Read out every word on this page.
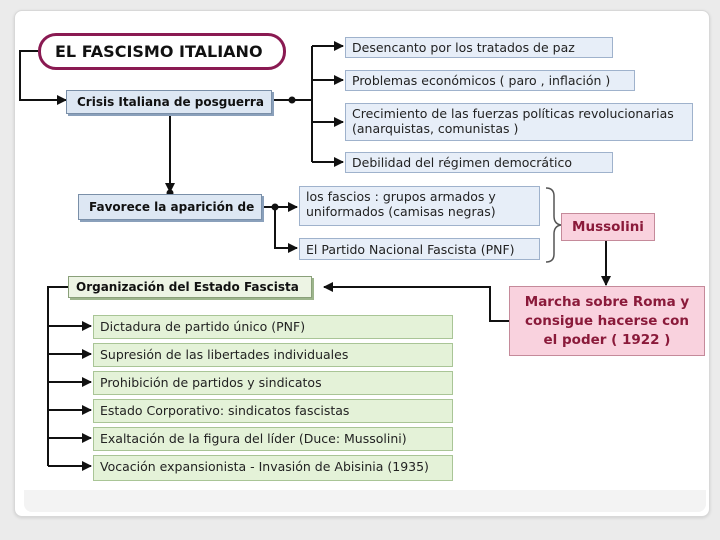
EL FASCISMO ITALIANO
Crisis Italiana de posguerra
Desencanto por los tratados de paz
Problemas económicos ( paro , inflación )
Crecimiento de las fuerzas políticas revolucionarias
(anarquistas, comunistas )
Debilidad del régimen democrático
Favorece la aparición de
los fascios : grupos armados y
uniformados (camisas negras)
El Partido Nacional Fascista (PNF)
Mussolini
Marcha sobre Roma y
consigue hacerse con
el poder ( 1922 )
Organización del Estado Fascista
Dictadura de partido único (PNF)
Supresión de las libertades individuales
Prohibición de partidos y sindicatos
Estado Corporativo: sindicatos fascistas
Exaltación de la figura del líder (Duce: Mussolini)
Vocación expansionista - Invasión de Abisinia (1935)
